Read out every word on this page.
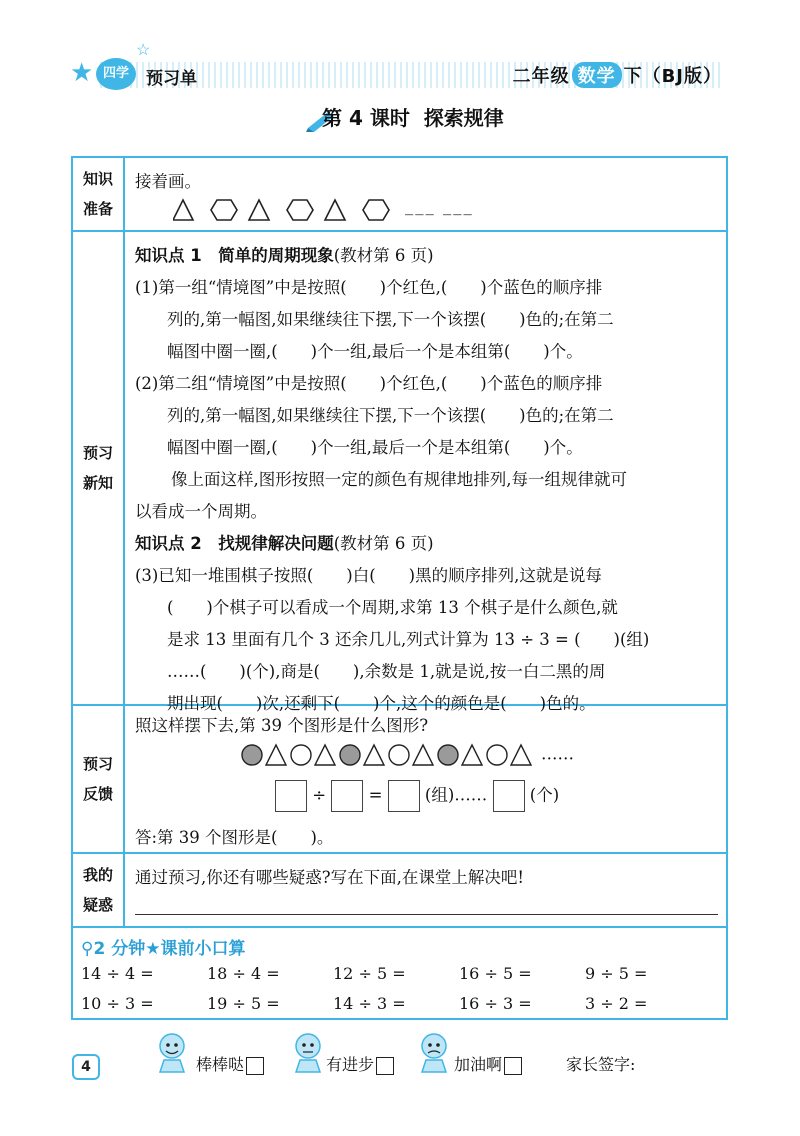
★
☆
四学	预习单	二年级 数学 下（BJ版）
第 4 课时 探索规律
知识
准备
接着画。
___ ___
预习
新知
知识点 1　简单的周期现象(教材第 6 页)
(1)第一组“情境图”中是按照(　　)个红色,(　　)个蓝色的顺序排
列的,第一幅图,如果继续往下摆,下一个该摆(　　)色的;在第二
幅图中圈一圈,(　　)个一组,最后一个是本组第(　　)个。
(2)第二组“情境图”中是按照(　　)个红色,(　　)个蓝色的顺序排
列的,第一幅图,如果继续往下摆,下一个该摆(　　)色的;在第二
幅图中圈一圈,(　　)个一组,最后一个是本组第(　　)个。
像上面这样,图形按照一定的颜色有规律地排列,每一组规律就可
以看成一个周期。
知识点 2　找规律解决问题(教材第 6 页)
(3)已知一堆围棋子按照(　　)白(　　)黑的顺序排列,这就是说每
(　　)个棋子可以看成一个周期,求第 13 个棋子是什么颜色,就
是求 13 里面有几个 3 还余几儿,列式计算为 13 ÷ 3 = (　　)(组)
……(　　)(个),商是(　　),余数是 1,就是说,按一白二黑的周
期出现(　　)次,还剩下(　　)个,这个的颜色是(　　)色的。
预习
反馈
照这样摆下去,第 39 个图形是什么图形?
……
÷	=	(组)……	(个)
答:第 39 个图形是(　　)。
我的
疑惑
通过预习,你还有哪些疑惑?写在下面,在课堂上解决吧!
⚲2 分钟★课前小口算
14 ÷ 4 =	18 ÷ 4 =	12 ÷ 5 =	16 ÷ 5 =	9 ÷ 5 =
10 ÷ 3 =	19 ÷ 5 =	14 ÷ 3 =	16 ÷ 3 =	3 ÷ 2 =
4	棒棒哒	有进步	加油啊	家长签字:
